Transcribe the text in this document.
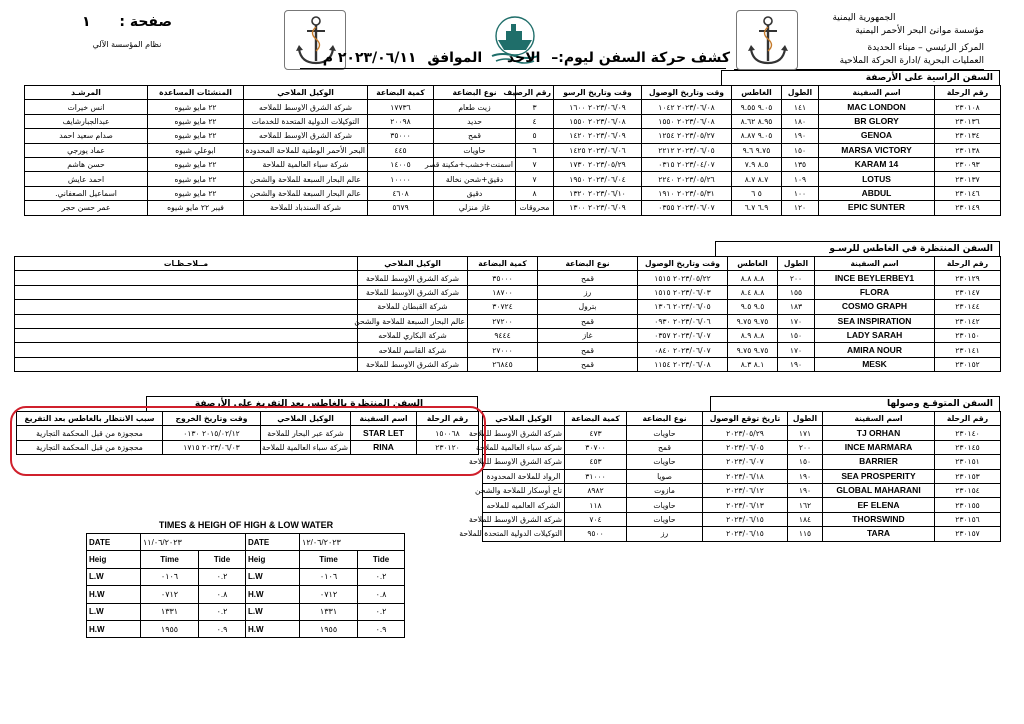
الجمهورية اليمنية
مؤسسة موانئ البحر الأحمر اليمنية
المركز الرئيسي – ميناء الحديدة
العمليات البحرية /ادارة الحركة الملاحية
صفحة : ١
نظام المؤسسة الآلي
كشف حركة السفن ليوم:– الاحد الموافق ٢٠٢٣/٠٦/١١ م
السفن الراسية على الأرصفة
رقم الرحلة	اسم السفينة	الطول	الغاطس	وقت وتاريخ الوصول	وقت وتاريخ الرسو	رقم الرصيف	نوع البضاعة	كمية البضاعة	الوكيل الملاحي	المنشئات المساعدة	المرشـد
٢٣٠١٠٨	MAC LONDON	١٤١	٩.٠٥ ٩.٥٥	٢٠٢٣/٠٦/٠٨ ١٠٤٢	٢٠٢٣/٠٦/٠٩ ١٦٠٠	٣	زيت طعام	١٧٧٣٦	شركة الشرق الاوسط للملاحه	٢٢ مايو شيوه	انس خيرات
٢٣٠١٣٦	BR GLORY	١٨٠	٨.٩٥ ٨.٦٢	٢٠٢٣/٠٦/٠٨ ١٥٥٠	٢٠٢٣/٠٦/٠٨ ١٥٥٠	٤	حديد	٢٠٠٩٨	التوكيلات الدولية المتحدة للخدمات	٢٢ مايو شيوه	عبدالجبارشايف
٢٣٠١٣٤	GENOA	١٩٠	٩.٠٥ ٨.٨٧	٢٠٢٣/٠٥/٢٧ ١٢٥٤	٢٠٢٣/٠٦/٠٩ ١٤٢٠	٥	قمح	٣٥٠٠٠	شركة الشرق الاوسط للملاحه	٢٢ مايو شيوه	صدام سعيد احمد
٢٣٠١٣٨	MARSA VICTORY	١٥٠	٩.٧٥ ٩.٦	٢٠٢٣/٠٦/٠٥ ٢٢١٢	٢٠٢٣/٠٦/٠٦ ١٤٢٥	٦	حاويات	٤٤٥	البحر الأحمر الوطنية للملاحة المحدودة	ابوعلي شيوه	عماد يورجي
٢٣٠٠٩٣	KARAM 14	١٣٥	٨.٥ ٧.٩	٢٠٢٣/٠٤/٠٧ ٠٣١٥	٢٠٢٣/٠٥/٢٩ ١٧٣٠	٧	اسمنت+خشب+مكينة قصر	١٤٠٠٥	شركة سباء العالمية للملاحة	٢٢ مايو شيوه	حسن هاشم
٢٣٠١٣٧	LOTUS	١٠٩	٨.٧ ٨.٧	٢٠٢٣/٠٥/٢٦ ٢٢٤٠	٢٠٢٣/٠٦/٠٤ ١٩٥٠	٧	دقيق+شحن نخالة	١٠٠٠٠	عالم البحار السبعة للملاحة والشحن	٢٢ مايو شيوه	احمد عايش
٢٣٠١٤٦	ABDUL	١٠٠	٥ ٦	٢٠٢٣/٠٥/٣١ ١٩١٠	٢٠٢٣/٠٦/١٠ ١٣٢٠	٨	دقيق	٤٦٠٨	عالم البحار السبعة للملاحة والشحن	٢٢ مايو شيوه	اسماعيل الصعفاني.
٢٣٠١٤٩	EPIC SUNTER	١٢٠	٦.٩ ٦.٧	٢٠٢٣/٠٦/٠٧ ٠٣٥٥	٢٠٢٣/٠٦/٠٩ ١٣٠٠	محروقات	غاز منزلي	٥٦٧٩	شركة السندباد للملاحة	فيبر ٢٢ مايو شيوه	عمر حسن حجر
السفن المنتظرة في الغاطس للرسـو
رقم الرحلة	اسم السفينة	الطول	الغاطس	وقت وتاريخ الوصول	نوع البضاعة	كمية البضاعة	الوكيل الملاحي	مــلاحـظـات
٢٣٠١٢٩	INCE BEYLERBEY1	٢٠٠	٨.٨ ٨.٨	٢٠٢٣/٠٥/٢٢ ١٥١٥	قمح	٣٥٠٠٠	شركة الشرق الاوسط للملاحة	
٢٣٠١٤٧	FLORA	١٥٥	٨.٨ ٨.٤	٢٠٢٣/٠٦/٠٣ ١٥١٥	رز	١٨٧٠٠	شركة الشرق الاوسط للملاحة	
٢٣٠١٤٤	COSMO GRAPH	١٨٣	٩.٥ ٩.٥	٢٠٢٣/٠٦/٠٥ ١٣٠٦	بترول	٣٠٧٢٤	شركة القبطان للملاحة	
٢٣٠١٤٢	SEA INSPIRATION	١٧٠	٩.٧٥ ٩.٧٥	٢٠٢٣/٠٦/٠٦ ٠٩٣٠	قمح	٢٧٢٠٠	عالم البحار السبعة للملاحة والشحن	
٢٣٠١٥٠	LADY SARAH	١٥٠	٨.٨ ٨.٩	٢٠٢٣/٠٦/٠٧ ٠٣٥٧	غاز	٩٤٤٤	شركة البكاري للملاحه	
٢٣٠١٤١	AMIRA NOUR	١٧٠	٩.٧٥ ٩.٧٥	٢٠٢٣/٠٦/٠٧ ٠٨٤٠	قمح	٢٧٠٠٠	شركة القاسم للملاحه	
٢٣٠١٥٢	MESK	١٩٠	٨.١ ٨.٣	٢٠٢٣/٠٦/٠٨ ١١٥٤	قمح	٢٦٨٤٥	شركة الشرق الاوسط للملاحة	
السفن المتوقـع وصولها
رقم الرحلة	اسم السفينة	الطول	تاريخ توقع الوصول	نوع البضاعة	كمية البضاعة	الوكيل الملاحي
٢٣٠١٤٠	TJ ORHAN	١٧١	٢٠٢٣/٠٥/٢٩	حاويات	٤٧٣	شركة الشرق الاوسط للملاحة
٢٣٠١٤٥	INCE MARMARA	٢٠٠	٢٠٢٣/٠٦/٠٥	قمح	٣٠٧٠٠	شركة سباء العالمية للملاحة
٢٣٠١٥١	BARRIER	١٥٠	٢٠٢٣/٠٦/٠٧	حاويات	٤٥٣	شركة الشرق الاوسط للملاحة
٢٣٠١٥٣	SEA PROSPERITY	١٩٠	٢٠٢٣/٠٦/١٨	صويا	٣١٠٠٠	الرواد للملاحة المحدودة
٢٣٠١٥٤	GLOBAL MAHARANI	١٩٠	٢٠٢٣/٠٦/١٢	مازوت	٨٩٨٢	تاج أوسكار للملاحة والشحن
٢٣٠١٥٥	EF ELENA	١٦٢	٢٠٢٣/٠٦/١٣	حاويات	١١٨	الشركه العالميه للملاحه
٢٣٠١٥٦	THORSWIND	١٨٤	٢٠٢٣/٠٦/١٥	حاويات	٧٠٤	شركة الشرق الاوسط للملاحة
٢٣٠١٥٧	TARA	١١٥	٢٠٢٣/٠٦/١٥	رز	٩٥٠٠	التوكيلات الدولية المتحدة للملاحة
السفن المنتظرة بالغاطس بعد التفريغ على الأرصفة
رقم الرحلة	اسم السفينة	الوكيل الملاحي	وقت وتاريخ الخروج	سبب الانتظار بالغاطس بعد التفريغ
١٥٠٠٦٨	STAR LET	شركة عبر البحار للملاحة	٢٠١٥/٠٢/١٢ ٠١٣٠	محجوزة من قبل المحكمة التجارية
٢٣٠١٢٠	RINA	شركة سباء العالمية للملاحة	٢٠٢٣/٠٦/٠٣ ١٧١٥	محجوزة من قبل المحكمة التجارية
TIMES & HEIGH OF HIGH & LOW WATER
DATE	١١/٠٦/٢٠٢٣		DATE	١٢/٠٦/٢٠٢٣	
Heig	Time	Tide	Heig	Time	Tide
L.W	٠١٠٦	٠.٢	L.W	٠١٠٦	٠.٢
H.W	٠٧١٢	٠.٨	H.W	٠٧١٢	٠.٨
L.W	١٣٣١	٠.٢	L.W	١٣٣١	٠.٢
H.W	١٩٥٥	٠.٩	H.W	١٩٥٥	٠.٩
